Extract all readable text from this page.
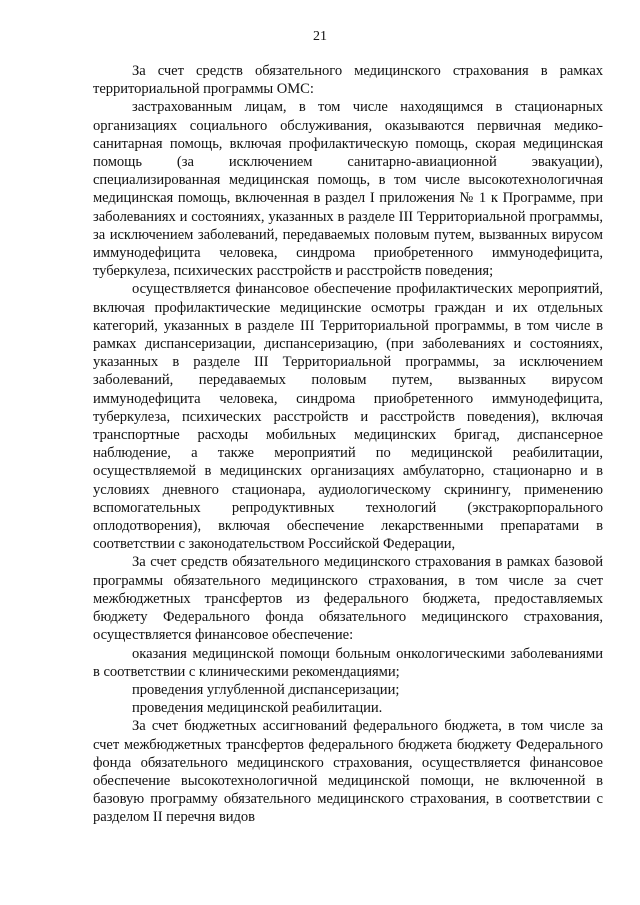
21

За счет средств обязательного медицинского страхования в рамках территориальной программы ОМС:

застрахованным лицам, в том числе находящимся в стационарных организациях социального обслуживания, оказываются первичная медико-санитарная помощь, включая профилактическую помощь, скорая медицинская помощь (за исключением санитарно-авиационной эвакуации), специализированная медицинская помощь, в том числе высокотехнологичная медицинская помощь, включенная в раздел I приложения № 1 к Программе, при заболеваниях и состояниях, указанных в разделе III Территориальной программы, за исключением заболеваний, передаваемых половым путем, вызванных вирусом иммунодефицита человека, синдрома приобретенного иммунодефицита, туберкулеза, психических расстройств и расстройств поведения;

осуществляется финансовое обеспечение профилактических мероприятий, включая профилактические медицинские осмотры граждан и их отдельных категорий, указанных в разделе III Территориальной программы, в том числе в рамках диспансеризации, диспансеризацию, (при заболеваниях и состояниях, указанных в разделе III Территориальной программы, за исключением заболеваний, передаваемых половым путем, вызванных вирусом иммунодефицита человека, синдрома приобретенного иммунодефицита, туберкулеза, психических расстройств и расстройств поведения), включая транспортные расходы мобильных медицинских бригад, диспансерное наблюдение, а также мероприятий по медицинской реабилитации, осуществляемой в медицинских организациях амбулаторно, стационарно и в условиях дневного стационара, аудиологическому скринингу, применению вспомогательных репродуктивных технологий (экстракорпорального оплодотворения), включая обеспечение лекарственными препаратами в соответствии с законодательством Российской Федерации,

За счет средств обязательного медицинского страхования в рамках базовой программы обязательного медицинского страхования, в том числе за счет межбюджетных трансфертов из федерального бюджета, предоставляемых бюджету Федерального фонда обязательного медицинского страхования, осуществляется финансовое обеспечение:

оказания медицинской помощи больным онкологическими заболеваниями в соответствии с клиническими рекомендациями;

проведения углубленной диспансеризации;

проведения медицинской реабилитации.

За счет бюджетных ассигнований федерального бюджета, в том числе за счет межбюджетных трансфертов федерального бюджета бюджету Федерального фонда обязательного медицинского страхования, осуществляется финансовое обеспечение высокотехнологичной медицинской помощи, не включенной в базовую программу обязательного медицинского страхования, в соответствии с разделом II перечня видов
